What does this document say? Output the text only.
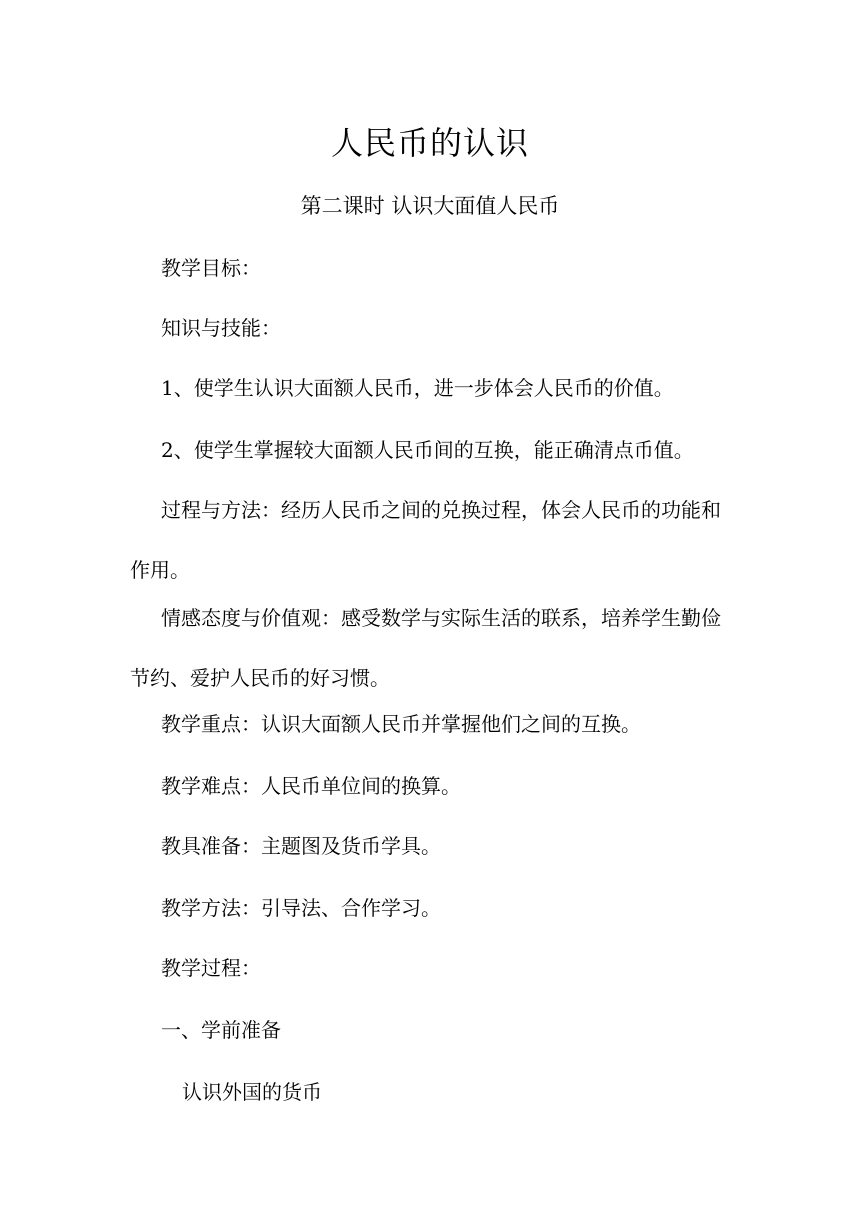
人民币的认识
第二课时 认识大面值人民币
教学目标：
知识与技能：
1、使学生认识大面额人民币，进一步体会人民币的价值。
2、使学生掌握较大面额人民币间的互换，能正确清点币值。
过程与方法：经历人民币之间的兑换过程，体会人民币的功能和作用。
情感态度与价值观：感受数学与实际生活的联系，培养学生勤俭节约、爱护人民币的好习惯。
教学重点：认识大面额人民币并掌握他们之间的互换。
教学难点：人民币单位间的换算。
教具准备：主题图及货币学具。
教学方法：引导法、合作学习。
教学过程：
一、学前准备
认识外国的货币
